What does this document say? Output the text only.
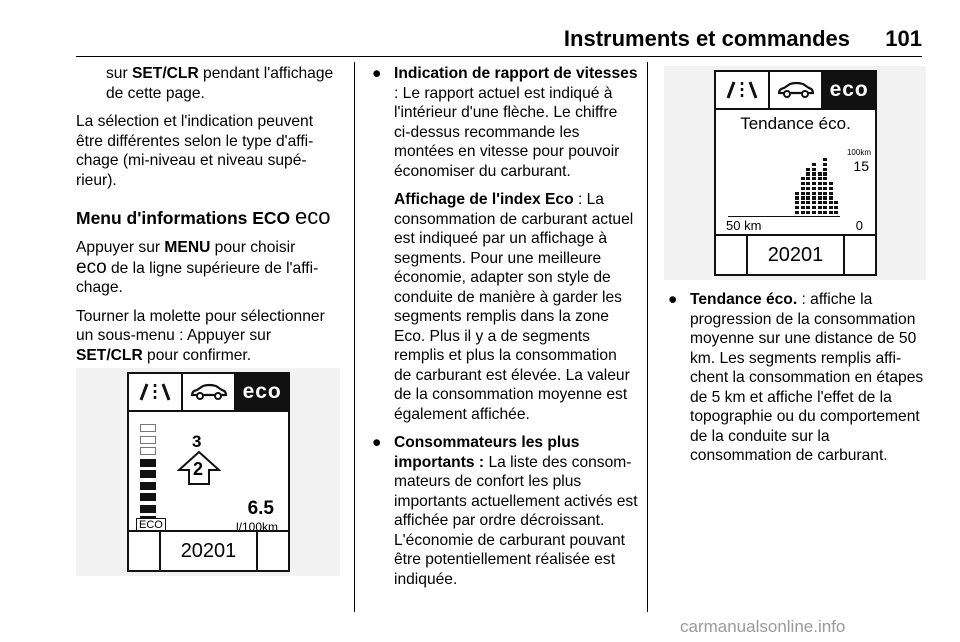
Instruments et commandes 101

sur SET/CLR pendant l'affichage de cette page.

La sélection et l'indication peuvent être différentes selon le type d'affichage (mi-niveau et niveau supérieur).

Menu d'informations ECO eco

Appuyer sur MENU pour choisir
eco de la ligne supérieure de l'affichage.

Tourner la molette pour sélectionner un sous-menu : Appuyer sur SET/CLR pour confirmer.

eco
ECO
3
2
6.5
l/100km
20201
● Indication de rapport de vitesses : Le rapport actuel est indiqué à l'intérieur d'une flèche. Le chiffre ci-dessus recommande les montées en vitesse pour pouvoir économiser du carburant.

Affichage de l'index Eco : La consommation de carburant actuel est indiqueé par un affichage à segments. Pour une meilleure économie, adapter son style de conduite de manière à garder les segments remplis dans la zone Eco. Plus il y a de segments remplis et plus la consommation de carburant est élevée. La valeur de la consommation moyenne est également affichée.

● Consommateurs les plus importants : La liste des consommateurs de confort les plus importants actuellement activés est affichée par ordre décroissant. L'économie de carburant pouvant être potentiellement réalisée est indiquée.

eco
Tendance éco.
100km
15
50 km	0
20201
● Tendance éco. : affiche la progression de la consommation moyenne sur une distance de 50 km. Les segments remplis affichent la consommation en étapes de 5 km et affiche l'effet de la topographie ou du comportement de la conduite sur la consommation de carburant.

carmanualsonline.info
